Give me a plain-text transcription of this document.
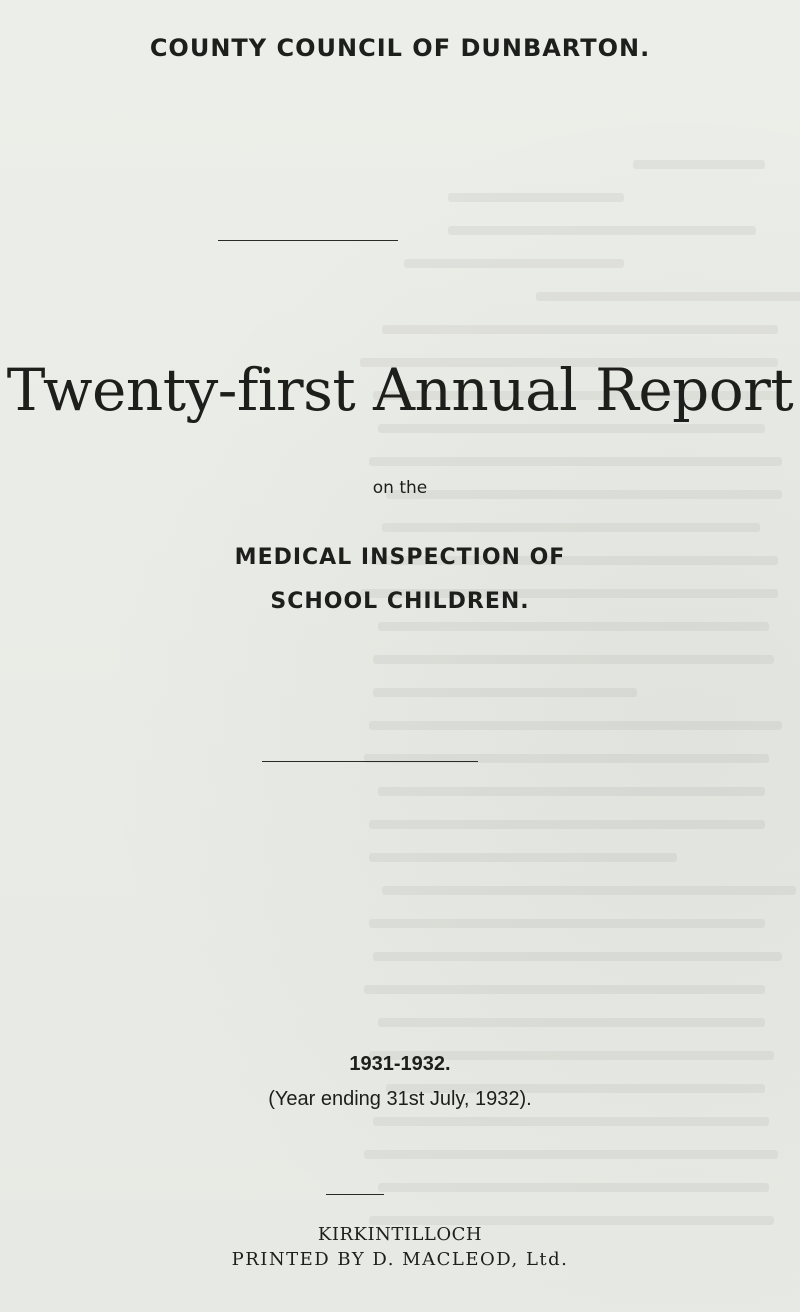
COUNTY COUNCIL OF DUNBARTON.
Twenty-first Annual Report
on the
MEDICAL INSPECTION OF
SCHOOL CHILDREN.
1931-1932.
(Year ending 31st July, 1932).
KIRKINTILLOCH
PRINTED BY D. MACLEOD, Ltd.
